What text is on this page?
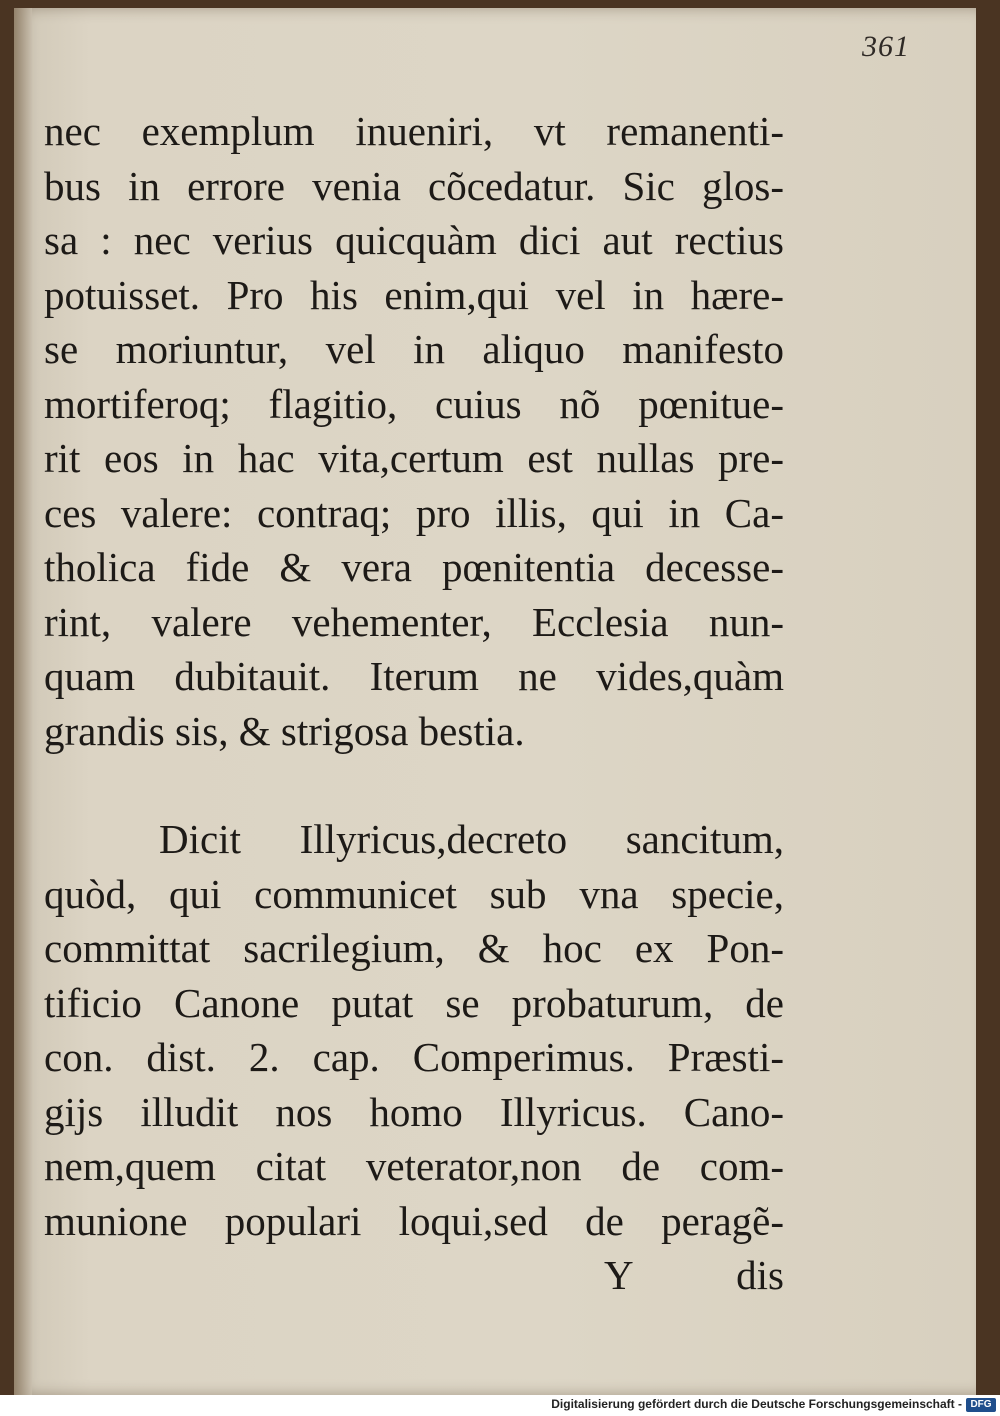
361
nec exemplum inueniri, vt remanenti-
bus in errore venia cõcedatur. Sic glos-
sa : nec verius quicquàm dici aut rectius
potuisset. Pro his enim,qui vel in hære-
se moriuntur, vel in aliquo manifesto
mortiferoq; flagitio, cuius nõ pœnitue-
rit eos in hac vita,certum est nullas pre-
ces valere: contraq; pro illis, qui in Ca-
tholica fide & vera pœnitentia decesse-
rint, valere vehementer, Ecclesia nun-
quam dubitauit. Iterum ne vides,quàm
grandis sis, & strigosa bestia.
Dicit Illyricus,decreto sancitum,
quòd, qui communicet sub vna specie,
committat sacrilegium, & hoc ex Pon-
tificio Canone putat se probaturum, de
con. dist. 2. cap. Comperimus. Præsti-
gijs illudit nos homo Illyricus. Cano-
nem,quem citat veterator,non de com-
munione populari loqui,sed de peragẽ-
Y	dis
Digitalisierung gefördert durch die Deutsche Forschungsgemeinschaft - DFG
